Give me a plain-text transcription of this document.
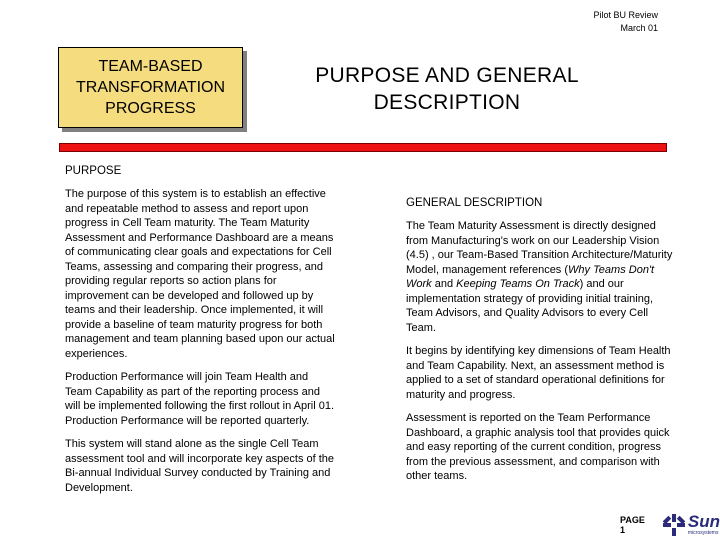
Pilot BU Review
March 01
TEAM-BASED
TRANSFORMATION
PROGRESS
PURPOSE AND GENERAL
DESCRIPTION
PURPOSE

The purpose of this system is to establish an effective and repeatable method to assess and report upon progress in Cell Team maturity. The Team Maturity Assessment and Performance Dashboard are a means of communicating clear goals and expectations for Cell Teams, assessing and comparing their progress, and providing regular reports so action plans for improvement can be developed and followed up by teams and their leadership. Once implemented, it will provide a baseline of team maturity progress for both management and team planning based upon our actual experiences.

Production Performance will join Team Health and Team Capability as part of the reporting process and will be implemented following the first rollout in April 01. Production Performance will be reported quarterly.

This system will stand alone as the single Cell Team assessment tool and will incorporate key aspects of the Bi-annual Individual Survey conducted by Training and Development.

GENERAL DESCRIPTION

The Team Maturity Assessment is directly designed from Manufacturing's work on our Leadership Vision (4.5) , our Team-Based Transition Architecture/Maturity Model, management references (Why Teams Don't Work and Keeping Teams On Track) and our implementation strategy of providing initial training, Team Advisors, and Quality Advisors to every Cell Team.

It begins by identifying key dimensions of Team Health and Team Capability. Next, an assessment method is applied to a set of standard operational definitions for maturity and progress.

Assessment is reported on the Team Performance Dashboard, a graphic analysis tool that provides quick and easy reporting of the current condition, progress from the previous assessment, and comparison with other teams.

PAGE 1	Sun
microsystems
